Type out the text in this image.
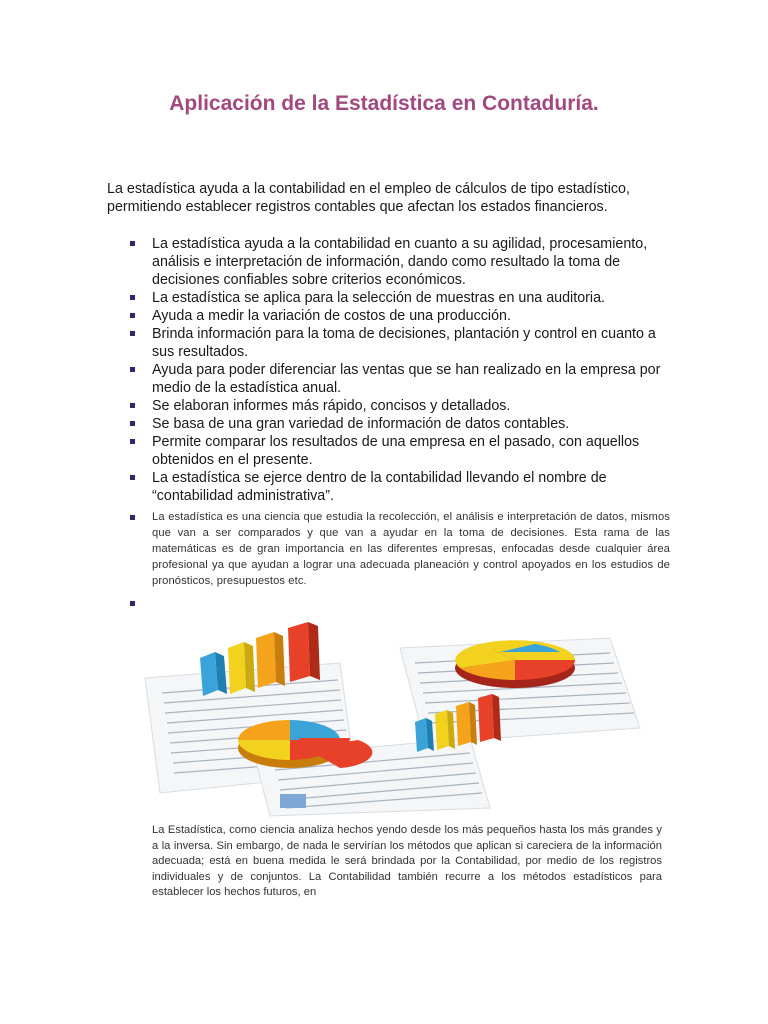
Aplicación de la Estadística en Contaduría.

La estadística ayuda a la contabilidad en el empleo de cálculos de tipo estadístico, permitiendo establecer registros contables que afectan los estados financieros.

La estadística ayuda a la contabilidad en cuanto a su agilidad, procesamiento, análisis e interpretación de información, dando como resultado la toma de decisiones confiables sobre criterios económicos.
La estadística se aplica para la selección de muestras en una auditoria.
Ayuda a medir la variación de costos de una producción.
Brinda información para la toma de decisiones, plantación y control en cuanto a sus resultados.
Ayuda para poder diferenciar las ventas que se han realizado en la empresa por medio de la estadística anual.
Se elaboran informes más rápido, concisos y detallados.
Se basa de una gran variedad de información de datos contables.
Permite comparar los resultados de una empresa en el pasado, con aquellos obtenidos en el presente.
La estadística se ejerce dentro de la contabilidad llevando el nombre de “contabilidad administrativa”.
La estadística es una ciencia que estudia la recolección, el análisis e interpretación de datos, mismos que van a ser comparados y que van a ayudar en la toma de decisiones. Esta rama de las matemáticas es de gran importancia en las diferentes empresas, enfocadas desde cualquier área profesional ya que ayudan a lograr una adecuada planeación y control apoyados en los estudios de pronósticos, presupuestos etc.

La Estadística, como ciencia analiza hechos yendo desde los más pequeños hasta los más grandes y a la inversa. Sin embargo, de nada le servirían los métodos que aplican si careciera de la información adecuada; está en buena medida le será brindada por la Contabilidad, por medio de los registros individuales y de conjuntos. La Contabilidad también recurre a los métodos estadísticos para establecer los hechos futuros, en
